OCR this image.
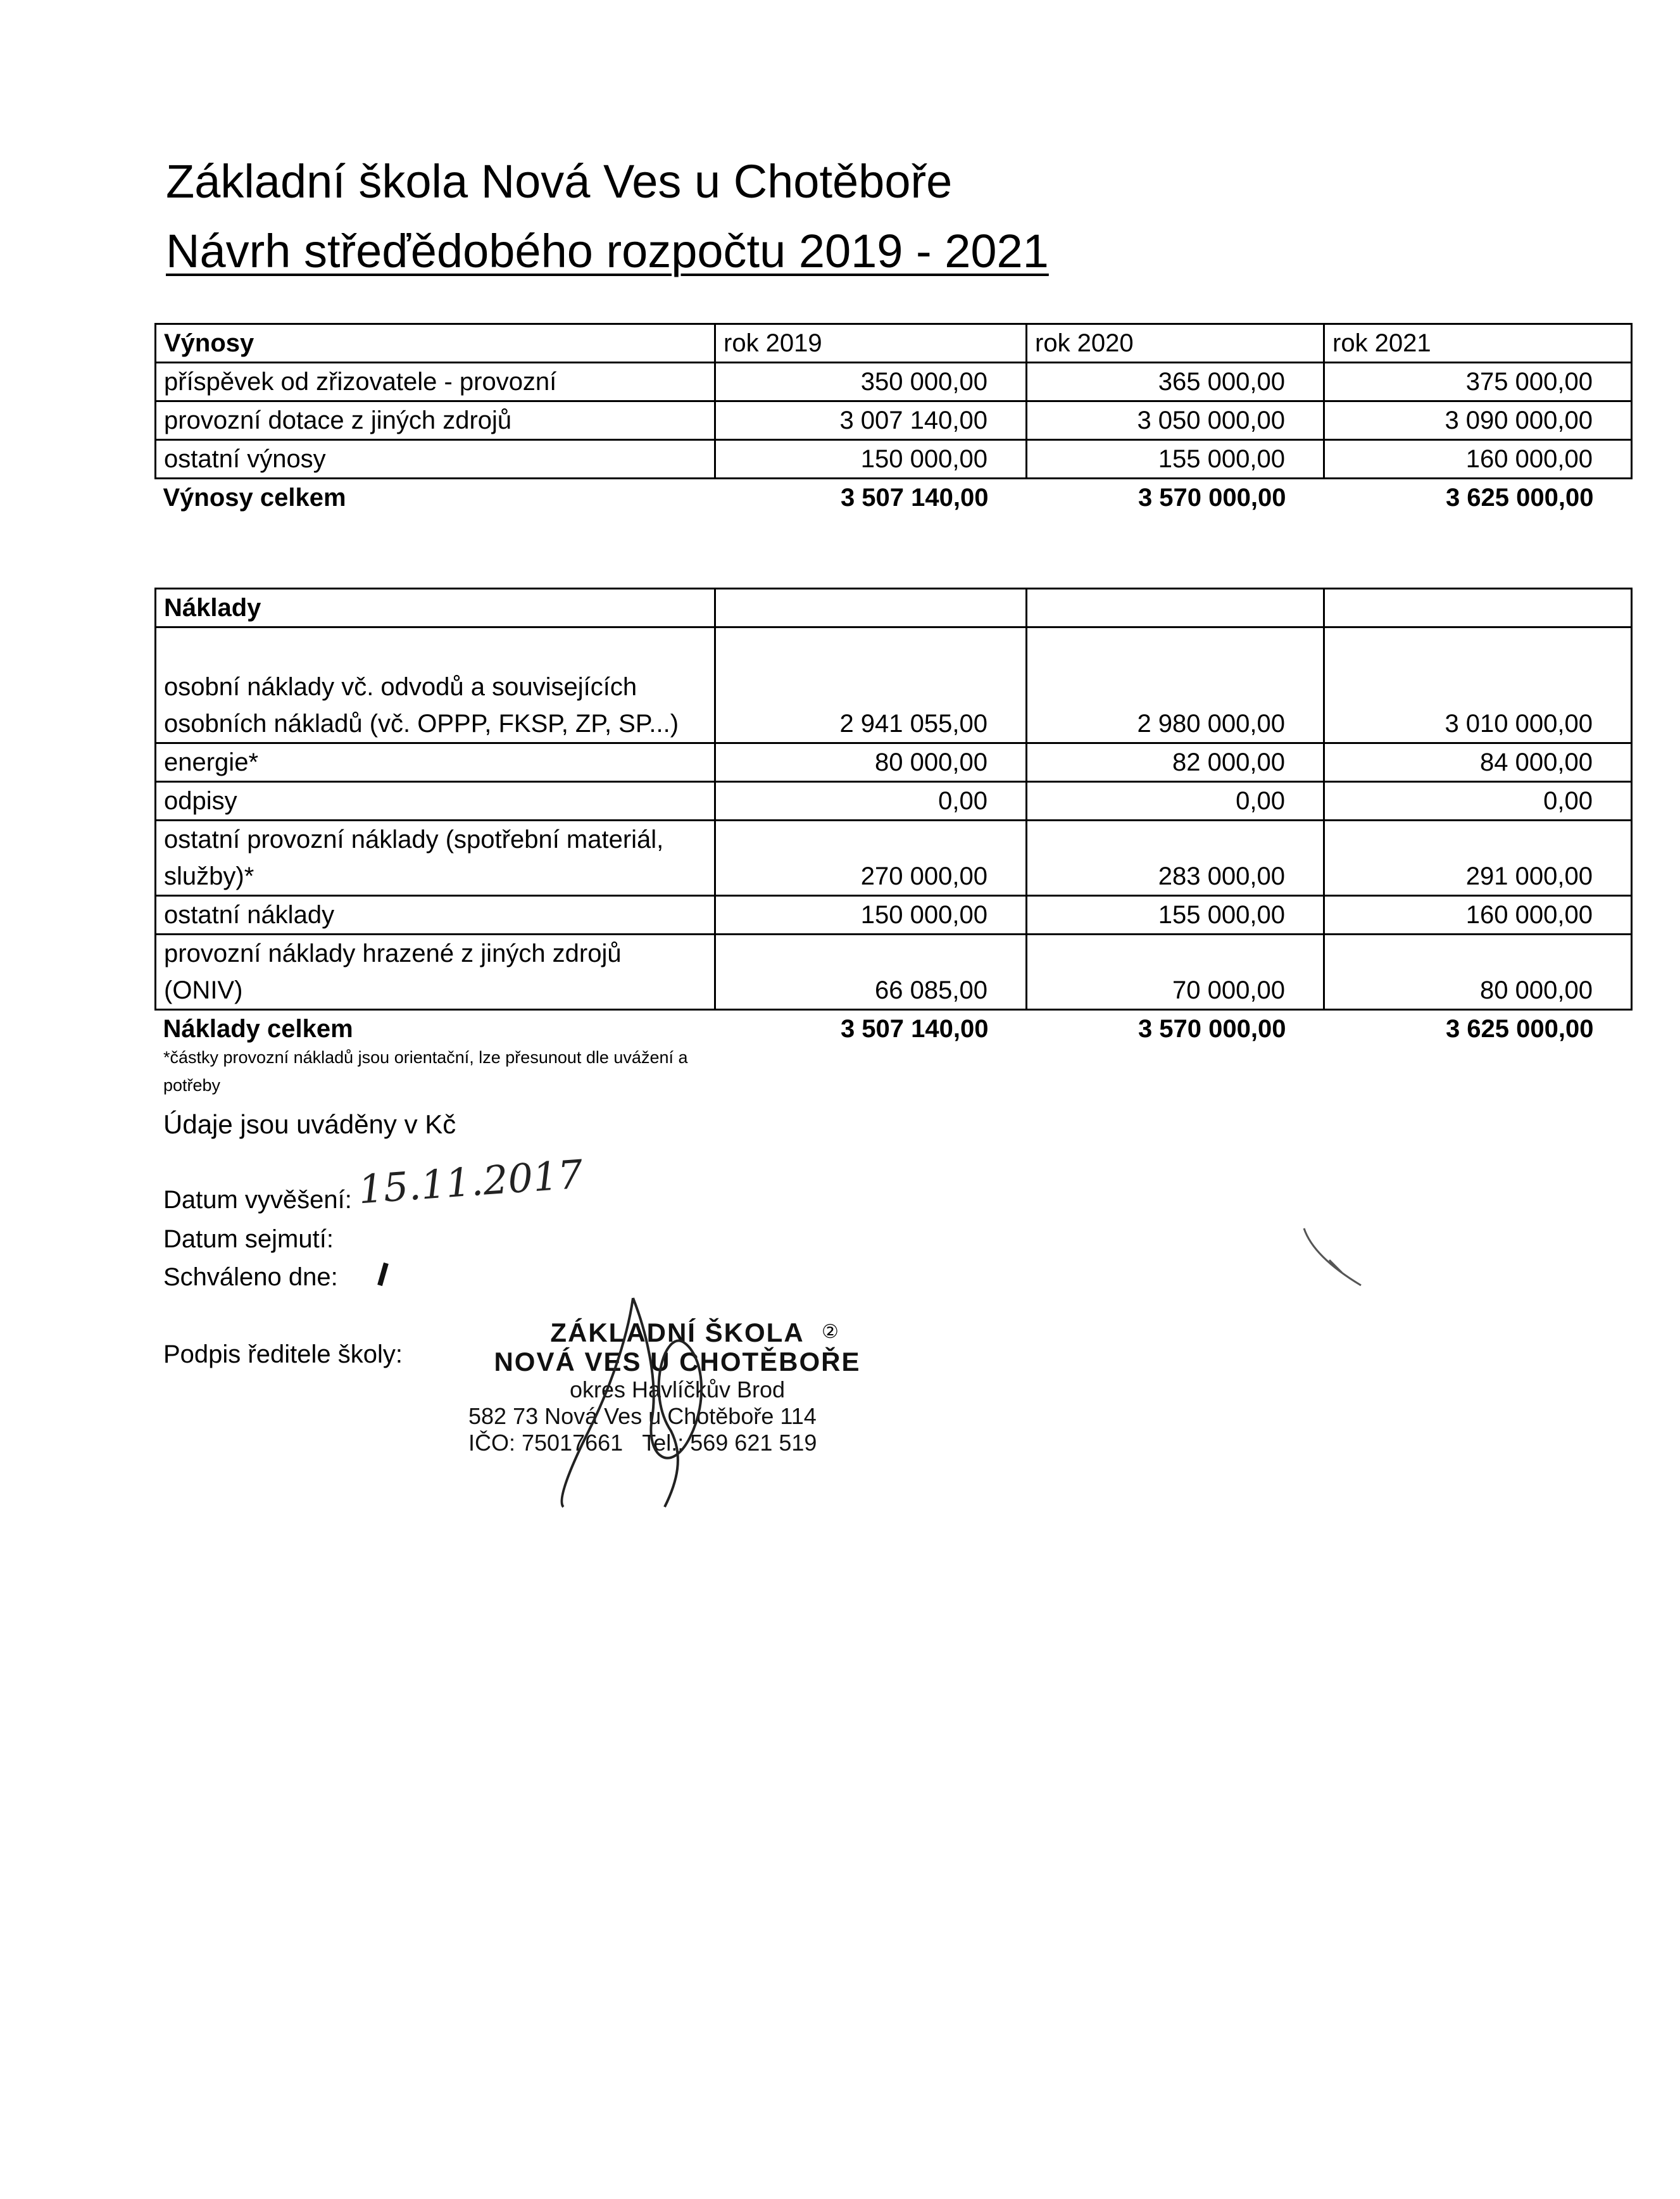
Základní škola Nová Ves u Chotěboře
Návrh střeďědobého rozpočtu 2019 - 2021
Výnosy	rok 2019	rok 2020	rok 2021
příspěvek od zřizovatele - provozní	350 000,00	365 000,00	375 000,00
provozní dotace z jiných zdrojů	3 007 140,00	3 050 000,00	3 090 000,00
ostatní výnosy	150 000,00	155 000,00	160 000,00
Výnosy celkem	3 507 140,00	3 570 000,00	3 625 000,00
Náklady			
osobní náklady vč. odvodů a souvisejících
osobních nákladů (vč. OPPP, FKSP, ZP, SP...)	2 941 055,00	2 980 000,00	3 010 000,00
energie*	80 000,00	82 000,00	84 000,00
odpisy	0,00	0,00	0,00
ostatní provozní náklady (spotřební materiál,
služby)*	270 000,00	283 000,00	291 000,00
ostatní náklady	150 000,00	155 000,00	160 000,00
provozní náklady hrazené z jiných zdrojů
(ONIV)	66 085,00	70 000,00	80 000,00
Náklady celkem	3 507 140,00	3 570 000,00	3 625 000,00
*částky provozní nákladů jsou orientační, lze přesunout dle uvážení a potřeby
Údaje jsou uváděny v Kč
Datum vyvěšení: 15.11.2017
Datum sejmutí:
Schváleno dne:
Podpis ředitele školy:
ZÁKLADNÍ ŠKOLA
NOVÁ VES U CHOTĚBOŘE
okres Havlíčkův Brod
582 73 Nová Ves u Chotěboře 114
IČO: 75017661 Tel.: 569 621 519
②
